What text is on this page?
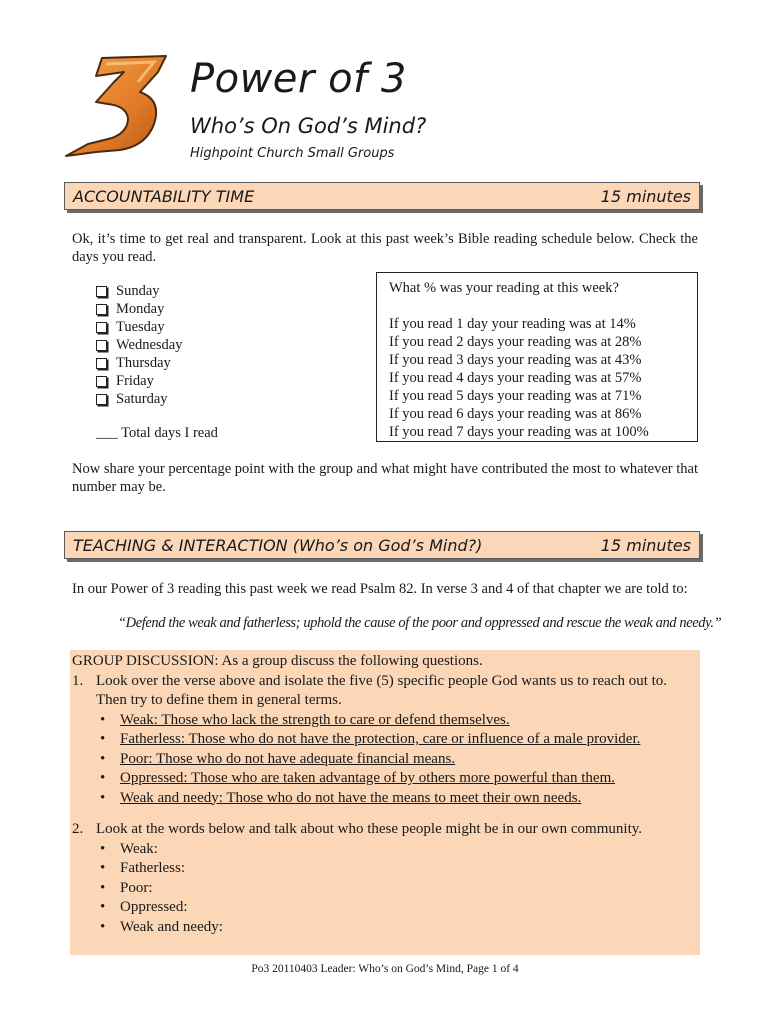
Power of 3
Who’s On God’s Mind?
Highpoint Church Small Groups
ACCOUNTABILITY TIME	15 minutes
Ok, it’s time to get real and transparent. Look at this past week’s Bible reading schedule below. Check the days you read.
Sunday
Monday
Tuesday
Wednesday
Thursday
Friday
Saturday
___ Total days I read
What % was your reading at this week?
If you read 1 day your reading was at 14%
If you read 2 days your reading was at 28%
If you read 3 days your reading was at 43%
If you read 4 days your reading was at 57%
If you read 5 days your reading was at 71%
If you read 6 days your reading was at 86%
If you read 7 days your reading was at 100%
Now share your percentage point with the group and what might have contributed the most to whatever that number may be.
TEACHING & INTERACTION (Who’s on God’s Mind?)	15 minutes
In our Power of 3 reading this past week we read Psalm 82. In verse 3 and 4 of that chapter we are told to:
“Defend the weak and fatherless; uphold the cause of the poor and oppressed and rescue the weak and needy.”
GROUP DISCUSSION: As a group discuss the following questions.
1. Look over the verse above and isolate the five (5) specific people God wants us to reach out to. Then try to define them in general terms.
• Weak: Those who lack the strength to care or defend themselves.
• Fatherless: Those who do not have the protection, care or influence of a male provider.
• Poor: Those who do not have adequate financial means.
• Oppressed: Those who are taken advantage of by others more powerful than them.
• Weak and needy: Those who do not have the means to meet their own needs.
2. Look at the words below and talk about who these people might be in our own community.
• Weak:
• Fatherless:
• Poor:
• Oppressed:
• Weak and needy:
Po3 20110403 Leader: Who’s on God’s Mind, Page 1 of 4
